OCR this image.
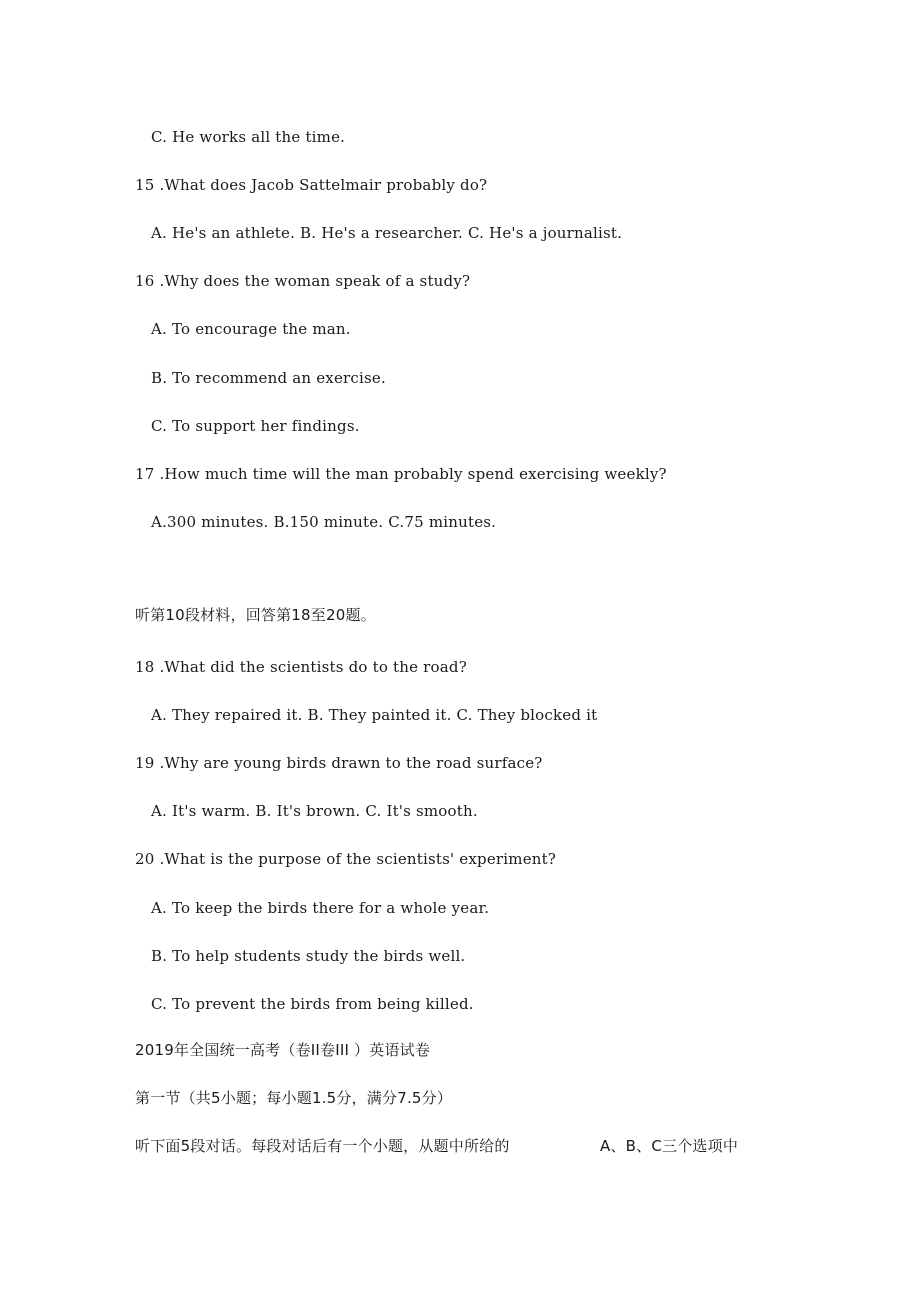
C. He works all the time.
15 .What does Jacob Sattelmair probably do?
A. He's an athlete. B. He's a researcher. C. He's a journalist.
16 .Why does the woman speak of a study?
A. To encourage the man.
B. To recommend an exercise.
C. To support her findings.
17 .How much time will the man probably spend exercising weekly?
A.300 minutes. B.150 minute. C.75 minutes.
听第10段材料，回答第18至20题。
18 .What did the scientists do to the road?
A. They repaired it. B. They painted it. C. They blocked it
19 .Why are young birds drawn to the road surface?
A. It's warm. B. It's brown. C. It's smooth.
20 .What is the purpose of the scientists' experiment?
A. To keep the birds there for a whole year.
B. To help students study the birds well.
C. To prevent the birds from being killed.
2019年全国统一高考（卷II卷III ）英语试卷
第一节（共5小题；每小题1.5分，满分7.5分）
听下面5段对话。每段对话后有一个小题，从题中所给的	A、B、C三个选项中
